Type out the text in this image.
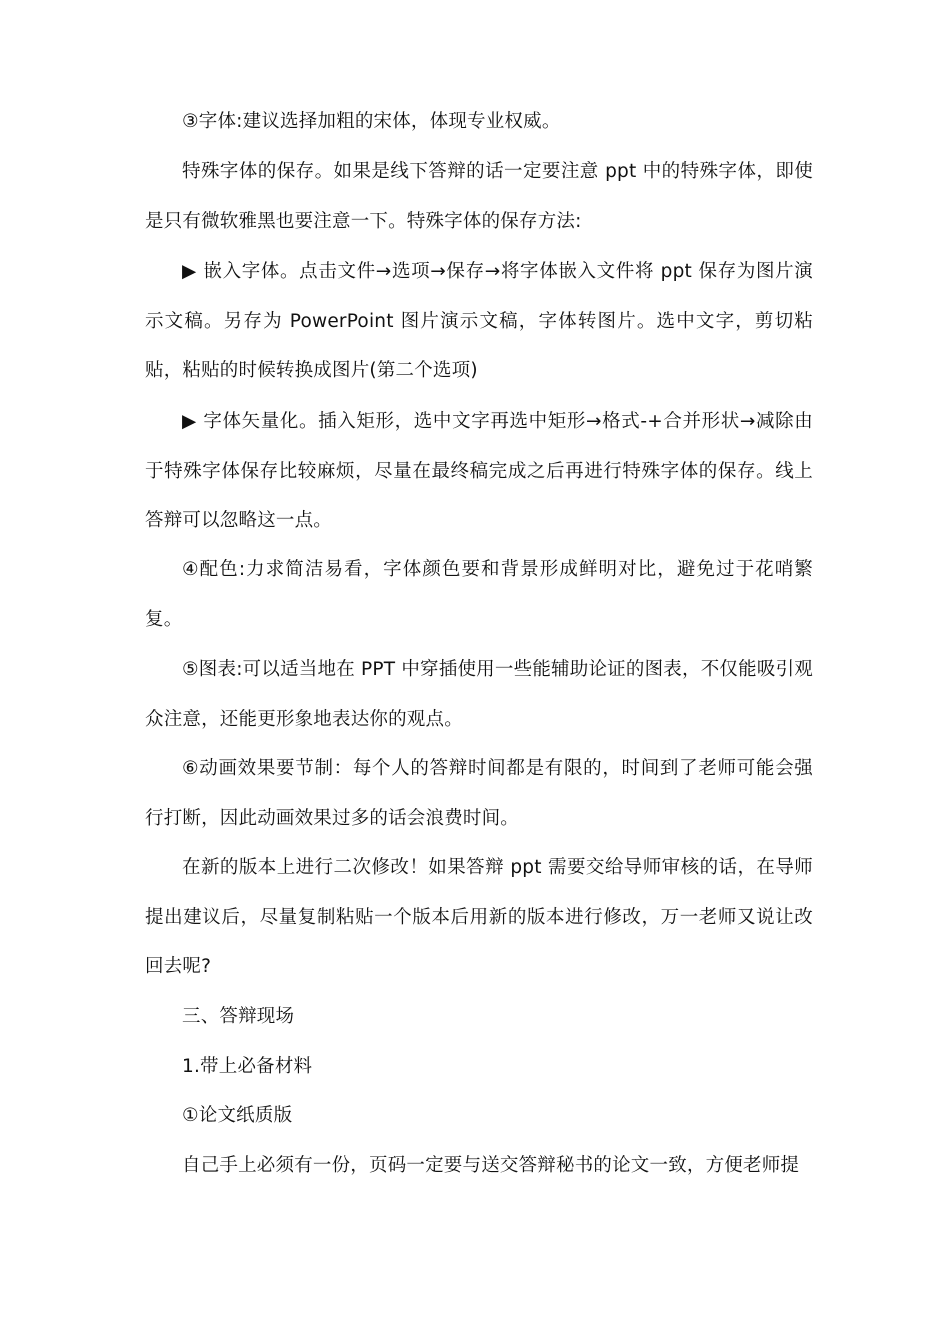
③字体:建议选择加粗的宋体，体现专业权威。

特殊字体的保存。如果是线下答辩的话一定要注意 ppt 中的特殊字体，即使是只有微软雅黑也要注意一下。特殊字体的保存方法:

▶ 嵌入字体。点击文件→选项→保存→将字体嵌入文件将 ppt 保存为图片演示文稿。另存为 PowerPoint 图片演示文稿，字体转图片。选中文字，剪切粘贴，粘贴的时候转换成图片(第二个选项)

▶ 字体矢量化。插入矩形，选中文字再选中矩形→格式-+合并形状→减除由于特殊字体保存比较麻烦，尽量在最终稿完成之后再进行特殊字体的保存。线上答辩可以忽略这一点。

④配色:力求简洁易看，字体颜色要和背景形成鲜明对比，避免过于花哨繁复。

⑤图表:可以适当地在 PPT 中穿插使用一些能辅助论证的图表，不仅能吸引观众注意，还能更形象地表达你的观点。

⑥动画效果要节制：每个人的答辩时间都是有限的，时间到了老师可能会强行打断，因此动画效果过多的话会浪费时间。

在新的版本上进行二次修改！如果答辩 ppt 需要交给导师审核的话，在导师提出建议后，尽量复制粘贴一个版本后用新的版本进行修改，万一老师又说让改回去呢?

三、答辩现场

1.带上必备材料

①论文纸质版

自己手上必须有一份，页码一定要与送交答辩秘书的论文一致，方便老师提
